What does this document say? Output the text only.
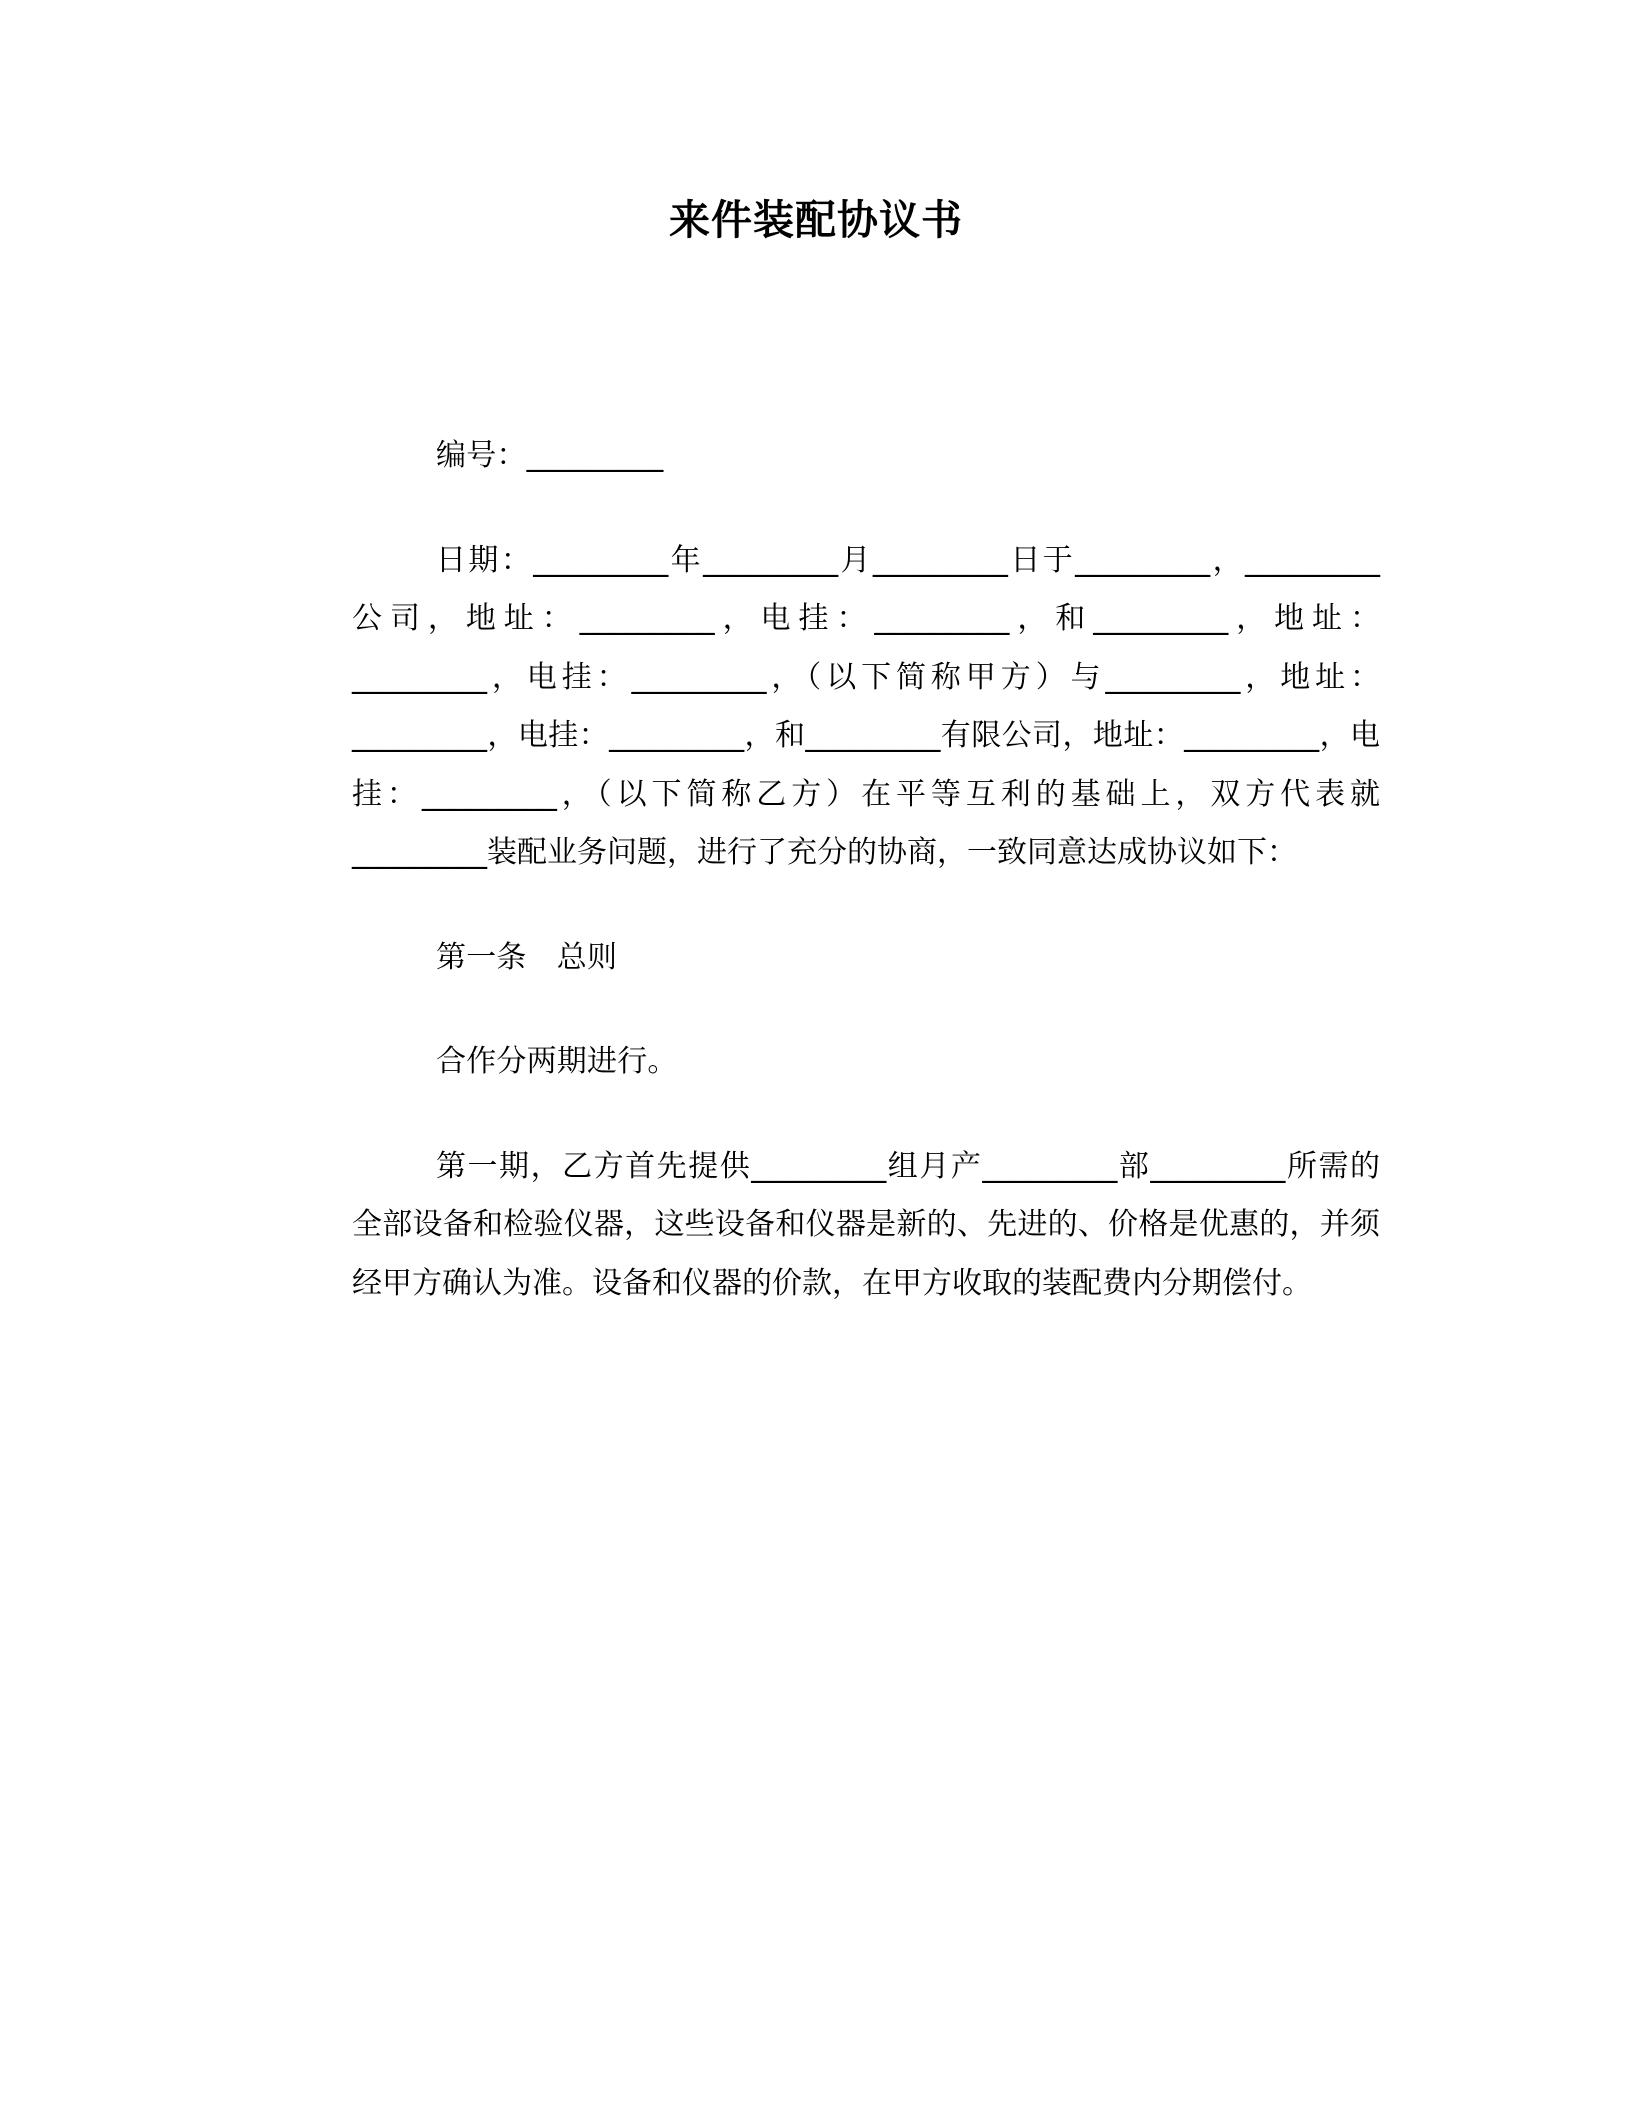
来件装配协议书

编号：_________

日期：_________年_________月_________日于_________，_________公司，地址：_________，电挂：_________，和_________，地址：_________，电挂：_________，（以下简称甲方）与_________，地址：_________，电挂：_________，和_________有限公司，地址：_________，电挂：_________，（以下简称乙方）在平等互利的基础上，双方代表就_________装配业务问题，进行了充分的协商，一致同意达成协议如下：

第一条　总则

合作分两期进行。

第一期，乙方首先提供_________组月产_________部_________所需的全部设备和检验仪器，这些设备和仪器是新的、先进的、价格是优惠的，并须经甲方确认为准。设备和仪器的价款，在甲方收取的装配费内分期偿付。
